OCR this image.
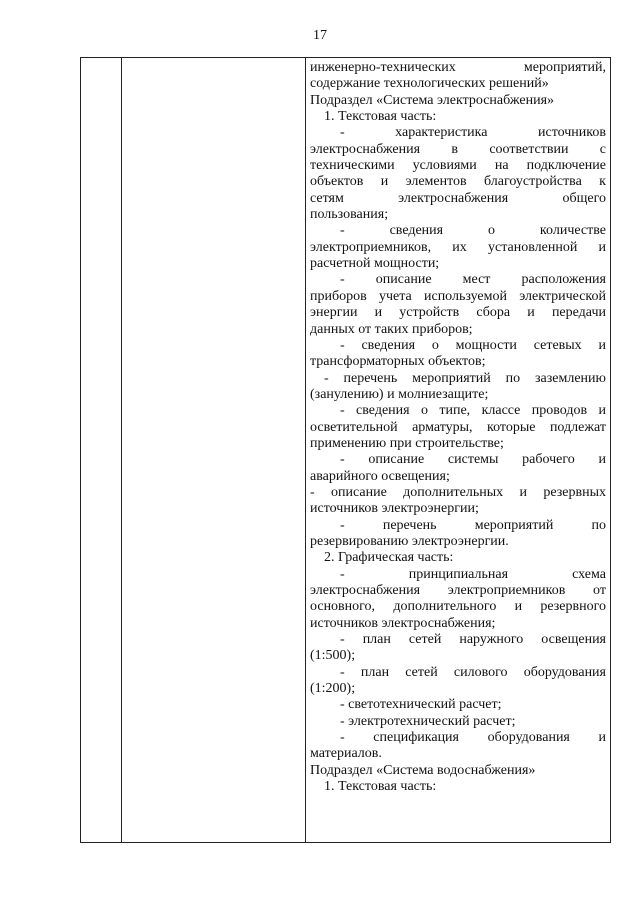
17

инженерно-технических мероприятий,

содержание технологических решений»

Подраздел «Система электроснабжения»

1. Текстовая часть:

- характеристика источников

электроснабжения в соответствии с

техническими условиями на подключение

объектов и элементов благоустройства к

сетям электроснабжения общего

пользования;

- сведения о количестве

электроприемников, их установленной и

расчетной мощности;

- описание мест расположения

приборов учета используемой электрической

энергии и устройств сбора и передачи

данных от таких приборов;

- сведения о мощности сетевых и

трансформаторных объектов;

- перечень мероприятий по заземлению

(занулению) и молниезащите;

- сведения о типе, классе проводов и

осветительной арматуры, которые подлежат

применению при строительстве;

- описание системы рабочего и

аварийного освещения;

- описание дополнительных и резервных

источников электроэнергии;

- перечень мероприятий по

резервированию электроэнергии.

2. Графическая часть:

- принципиальная схема

электроснабжения электроприемников от

основного, дополнительного и резервного

источников электроснабжения;

- план сетей наружного освещения

(1:500);

- план сетей силового оборудования

(1:200);

- светотехнический расчет;

- электротехнический расчет;

- спецификация оборудования и

материалов.

Подраздел «Система водоснабжения»

1. Текстовая часть:
